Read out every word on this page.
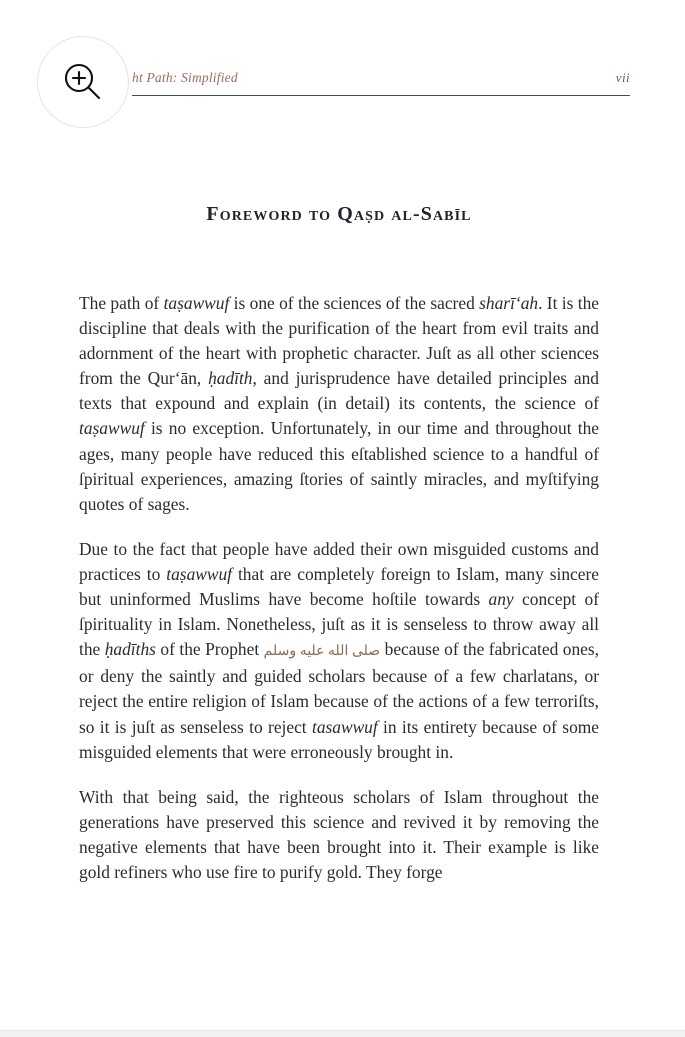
ht Path: Simplified	vii
Foreword to Qaṣd al-Sabīl

The path of taṣawwuf is one of the sciences of the sacred sharīʻah. It is the discipline that deals with the purification of the heart from evil traits and adornment of the heart with prophetic character. Juſt as all other sciences from the Qurʻān, ḥadīth, and jurisprudence have detailed principles and texts that expound and explain (in detail) its contents, the science of taṣawwuf is no exception. Unfortunately, in our time and throughout the ages, many people have reduced this eſtablished science to a handful of ſpiritual experiences, amazing ſtories of saintly miracles, and myſtifying quotes of sages.

Due to the fact that people have added their own misguided customs and practices to taṣawwuf that are completely foreign to Islam, many sincere but uninformed Muslims have become hoſtile towards any concept of ſpirituality in Islam. Nonetheless, juſt as it is senseless to throw away all the ḥadīths of the Prophet صلى الله عليه وسلم because of the fabricated ones, or deny the saintly and guided scholars because of a few charlatans, or reject the entire religion of Islam because of the actions of a few terroriſts, so it is juſt as senseless to reject tasawwuf in its entirety because of some misguided elements that were erroneously brought in.

With that being said, the righteous scholars of Islam throughout the generations have preserved this science and revived it by removing the negative elements that have been brought into it. Their example is like gold refiners who use fire to purify gold. They forge
